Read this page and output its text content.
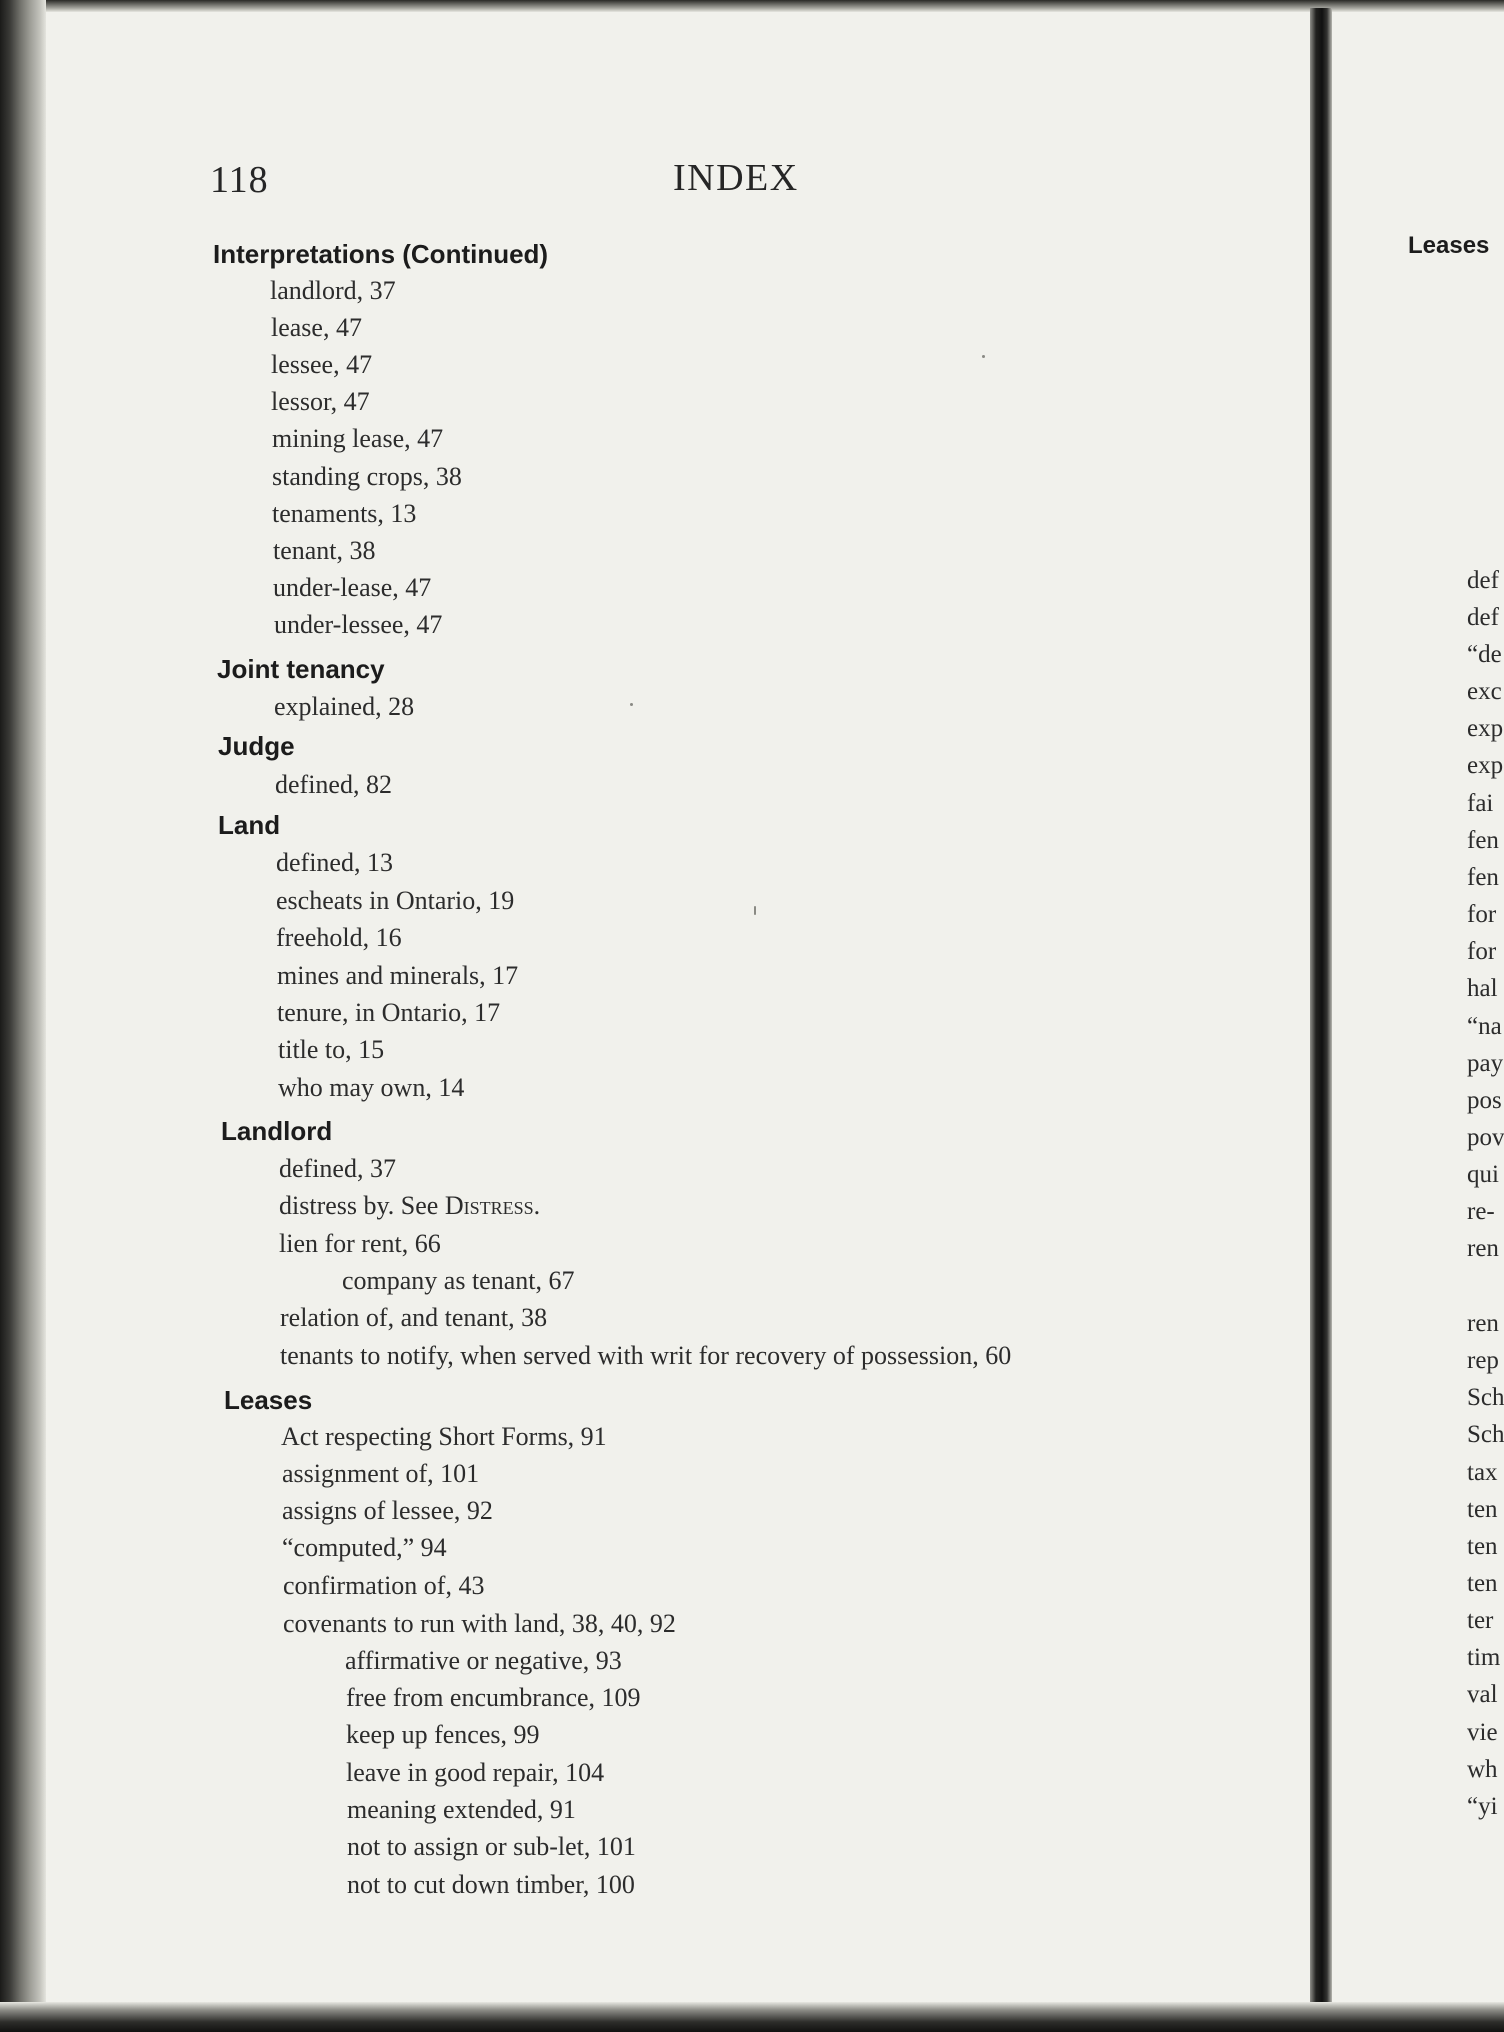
118	INDEX
Interpretations (Continued)
landlord, 37
lease, 47
lessee, 47
lessor, 47
mining lease, 47
standing crops, 38
tenaments, 13
tenant, 38
under-lease, 47
under-lessee, 47
Joint tenancy
explained, 28
Judge
defined, 82
Land
defined, 13
escheats in Ontario, 19
freehold, 16
mines and minerals, 17
tenure, in Ontario, 17
title to, 15
who may own, 14
Landlord
defined, 37
distress by. See Distress.
lien for rent, 66
company as tenant, 67
relation of, and tenant, 38
tenants to notify, when served with writ for recovery of possession, 60
Leases
Act respecting Short Forms, 91
assignment of, 101
assigns of lessee, 92
“computed,” 94
confirmation of, 43
covenants to run with land, 38, 40, 92
affirmative or negative, 93
free from encumbrance, 109
keep up fences, 99
leave in good repair, 104
meaning extended, 91
not to assign or sub-let, 101
not to cut down timber, 100
Leases
def
def
“de
exc
exp
exp
fai
fen
fen
for
for
hal
“na
pay
pos
pov
qui
re-
ren
ren
rep
Sch
Sch
tax
ten
ten
ten
ter
tim
val
vie
wh
“yi
